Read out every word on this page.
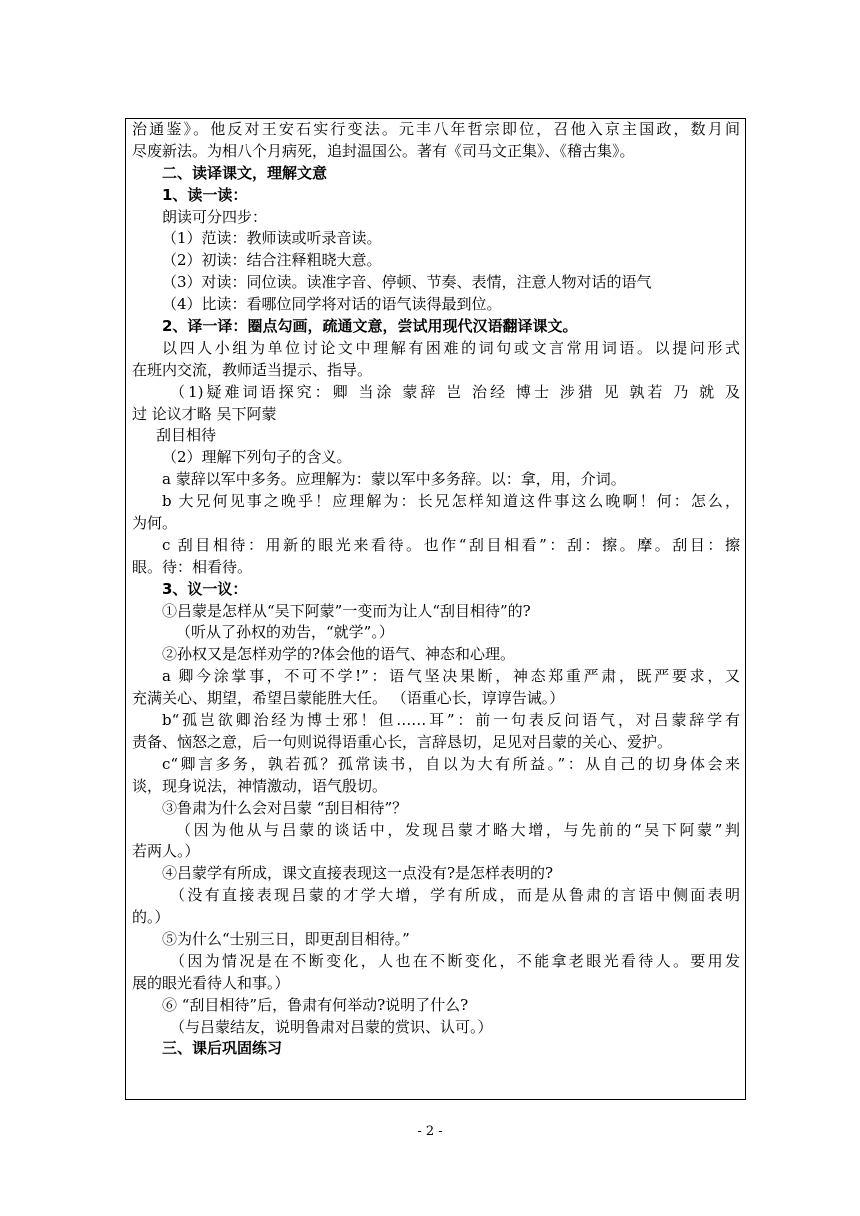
治通鉴》。他反对王安石实行变法。元丰八年哲宗即位，召他入京主国政，数月间
尽废新法。为相八个月病死，追封温国公。著有《司马文正集》、《稽古集》。
二、读译课文，理解文意
1、读一读：
朗读可分四步：
（1）范读：教师读或听录音读。
（2）初读：结合注释粗晓大意。
（3）对读：同位读。读准字音、停顿、节奏、表情，注意人物对话的语气
（4）比读：看哪位同学将对话的语气读得最到位。
2、译一译：圈点勾画，疏通文意，尝试用现代汉语翻译课文。
以四人小组为单位讨论文中理解有困难的词句或文言常用词语。以提问形式
在班内交流，教师适当提示、指导。
（1)疑难词语探究：卿 当涂 蒙辞 岂 治经 博士 涉猎 见 孰若 乃 就 及
过 论议才略 吴下阿蒙
刮目相待
（2）理解下列句子的含义。
a 蒙辞以军中多务。应理解为：蒙以军中多务辞。以：拿，用，介词。
b 大兄何见事之晚乎！应理解为：长兄怎样知道这件事这么晚啊！何：怎么，
为何。
c 刮目相待：用新的眼光来看待。也作“刮目相看”：刮：擦。摩。刮目：擦
眼。待：相看待。
3、议一议：
①吕蒙是怎样从“吴下阿蒙”一变而为让人“刮目相待”的?
（听从了孙权的劝告，“就学”。）
②孙权又是怎样劝学的?体会他的语气、神态和心理。
a 卿今涂掌事，不可不学!”：语气坚决果断，神态郑重严肃，既严要求，又
充满关心、期望，希望吕蒙能胜大任。 （语重心长，谆谆告诫。）
b“孤岂欲卿治经为博士邪！但……耳”：前一句表反问语气，对吕蒙辞学有
责备、恼怒之意，后一句则说得语重心长，言辞恳切，足见对吕蒙的关心、爱护。
c“卿言多务，孰若孤？孤常读书，自以为大有所益。”：从自己的切身体会来
谈，现身说法，神情激动，语气殷切。
③鲁肃为什么会对吕蒙 “刮目相待”？
（因为他从与吕蒙的谈话中，发现吕蒙才略大增，与先前的“吴下阿蒙”判
若两人。）
④吕蒙学有所成，课文直接表现这一点没有?是怎样表明的?
（没有直接表现吕蒙的才学大增，学有所成，而是从鲁肃的言语中侧面表明
的。）
⑤为什么“士别三日，即更刮目相待。”
（因为情况是在不断变化，人也在不断变化，不能拿老眼光看待人。要用发
展的眼光看待人和事。）
⑥ “刮目相待”后，鲁肃有何举动?说明了什么?
（与吕蒙结友，说明鲁肃对吕蒙的赏识、认可。）
三、课后巩固练习
- 2 -
